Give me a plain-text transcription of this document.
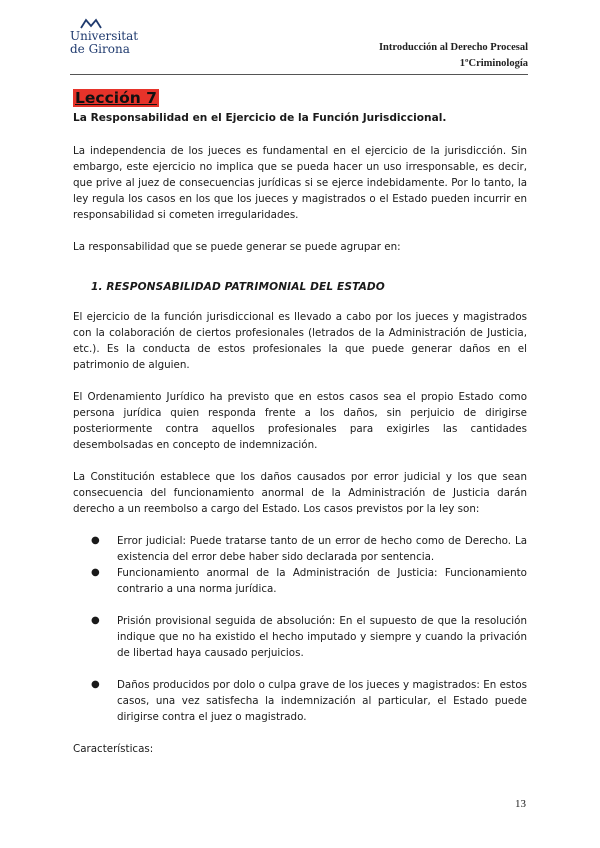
Universitat
de Girona	Introducción al Derecho Procesal
1ºCriminología
Lección 7
La Responsabilidad en el Ejercicio de la Función Jurisdiccional.

La independencia de los jueces es fundamental en el ejercicio de la jurisdicción. Sin embargo, este ejercicio no implica que se pueda hacer un uso irresponsable, es decir, que prive al juez de consecuencias jurídicas si se ejerce indebidamente. Por lo tanto, la ley regula los casos en los que los jueces y magistrados o el Estado pueden incurrir en responsabilidad si cometen irregularidades.

La responsabilidad que se puede generar se puede agrupar en:

1. RESPONSABILIDAD PATRIMONIAL DEL ESTADO

El ejercicio de la función jurisdiccional es llevado a cabo por los jueces y magistrados con la colaboración de ciertos profesionales (letrados de la Administración de Justicia, etc.). Es la conducta de estos profesionales la que puede generar daños en el patrimonio de alguien.

El Ordenamiento Jurídico ha previsto que en estos casos sea el propio Estado como persona jurídica quien responda frente a los daños, sin perjuicio de dirigirse posteriormente contra aquellos profesionales para exigirles las cantidades desembolsadas en concepto de indemnización.

La Constitución establece que los daños causados por error judicial y los que sean consecuencia del funcionamiento anormal de la Administración de Justicia darán derecho a un reembolso a cargo del Estado. Los casos previstos por la ley son:

● Error judicial: Puede tratarse tanto de un error de hecho como de Derecho. La existencia del error debe haber sido declarada por sentencia.
● Funcionamiento anormal de la Administración de Justicia: Funcionamiento contrario a una norma jurídica.
● Prisión provisional seguida de absolución: En el supuesto de que la resolución indique que no ha existido el hecho imputado y siempre y cuando la privación de libertad haya causado perjuicios.
● Daños producidos por dolo o culpa grave de los jueces y magistrados: En estos casos, una vez satisfecha la indemnización al particular, el Estado puede dirigirse contra el juez o magistrado.

Características:

13
